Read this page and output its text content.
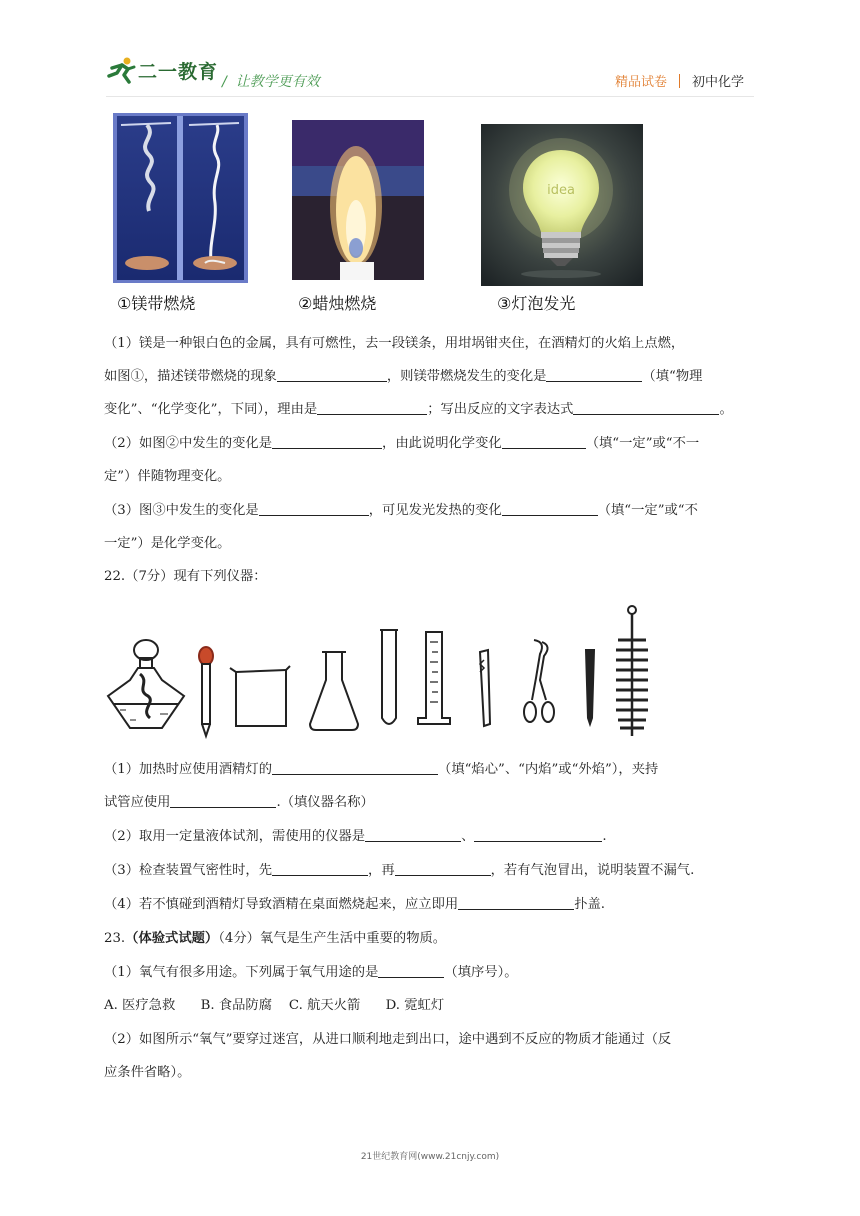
二一教育 /  让教学更有效	精品试卷 初中化学
①镁带燃烧	②蜡烛燃烧
idea
③灯泡发光
（1）镁是一种银白色的金属，具有可燃性，去一段镁条，用坩埚钳夹住，在酒精灯的火焰上点燃，
如图①，描述镁带燃烧的现象	，则镁带燃烧发生的变化是	（填“物理
变化”、“化学变化”，下同），理由是	；写出反应的文字表达式	。
（2）如图②中发生的变化是	，由此说明化学变化	（填“一定”或“不一
定”）伴随物理变化。
（3）图③中发生的变化是	，可见发光发热的变化	（填“一定”或“不
一定”）是化学变化。
22.（7分）现有下列仪器：
（1）加热时应使用酒精灯的	（填“焰心”、“内焰”或“外焰”），夹持
试管应使用	.（填仪器名称）
（2）取用一定量液体试剂，需使用的仪器是	、	.
（3）检查装置气密性时，先	，再	，若有气泡冒出，说明装置不漏气.
（4）若不慎碰到酒精灯导致酒精在桌面燃烧起来，应立即用	扑盖.
23.（体验式试题）（4分）氧气是生产生活中重要的物质。
（1）氧气有很多用途。下列属于氧气用途的是	（填序号）。
A. 医疗急救      B. 食品防腐    C. 航天火箭      D. 霓虹灯
（2）如图所示“氧气”要穿过迷宫，从进口顺利地走到出口，途中遇到不反应的物质才能通过（反
应条件省略）。
21世纪教育网(www.21cnjy.com)
